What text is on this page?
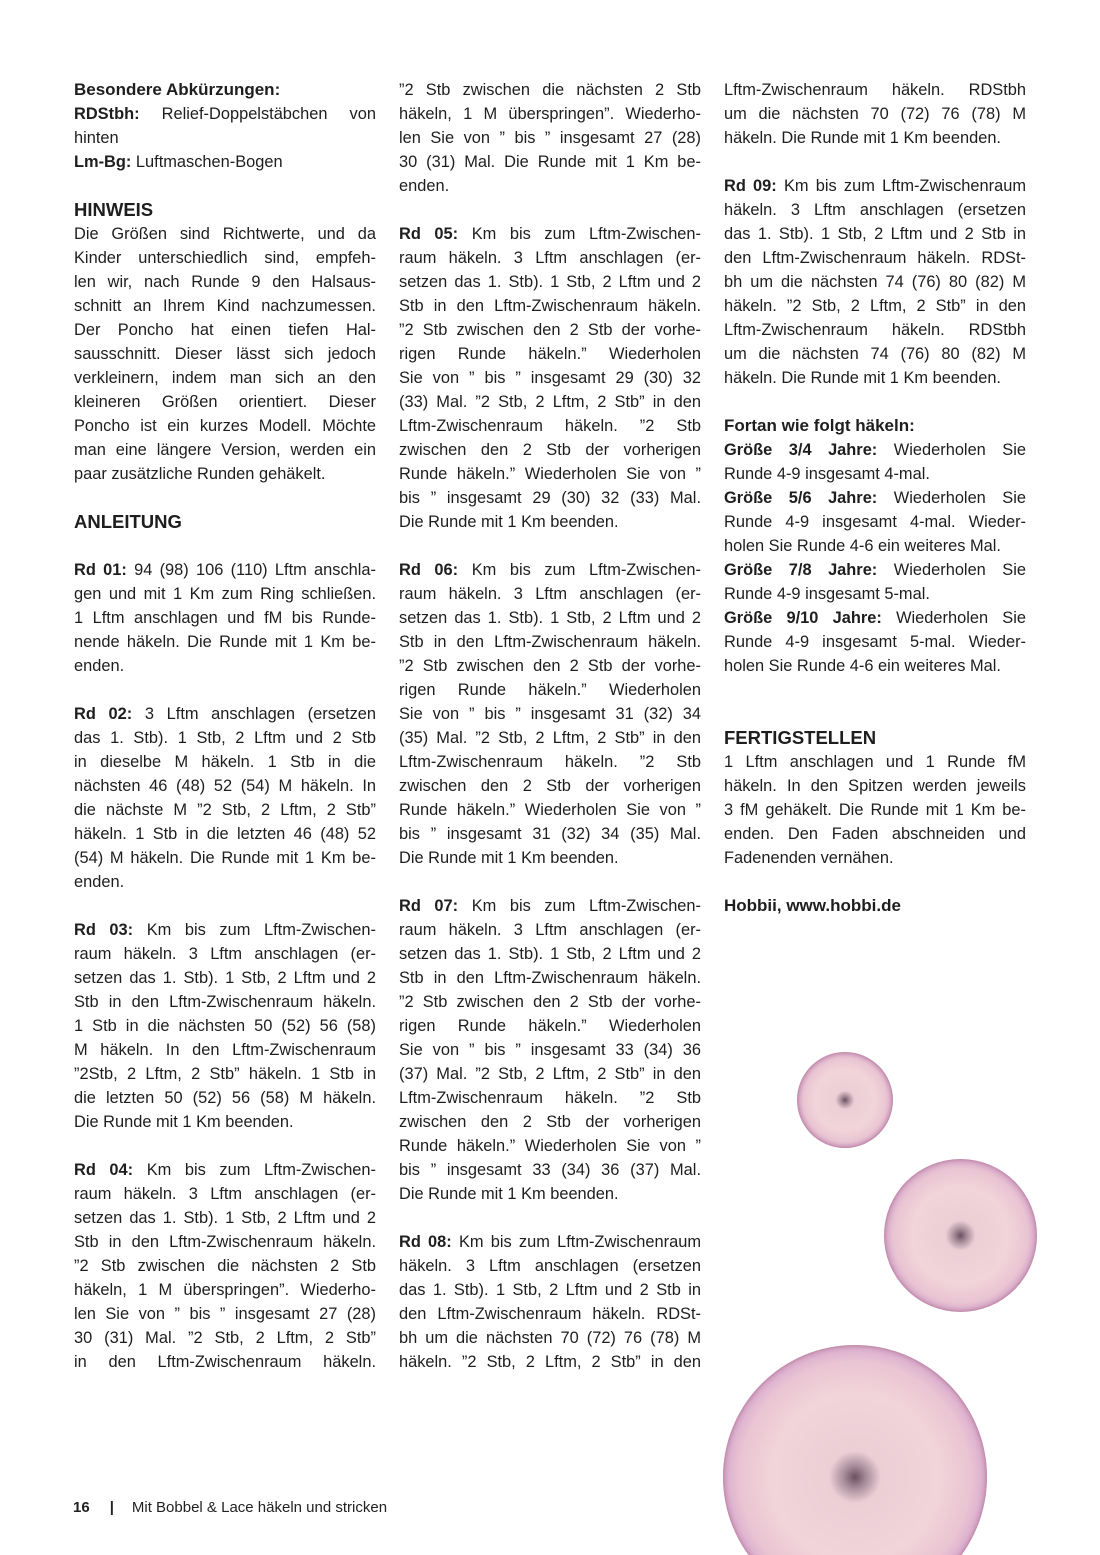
Besondere Abkürzungen:
RDStbh: Relief-Doppelstäbchen von
hinten
Lm-Bg: Luftmaschen-Bogen
HINWEIS
Die Größen sind Richtwerte, und da
Kinder unterschiedlich sind, empfeh-
len wir, nach Runde 9 den Halsaus-
schnitt an Ihrem Kind nachzumessen.
Der Poncho hat einen tiefen Hal-
sausschnitt. Dieser lässt sich jedoch
verkleinern, indem man sich an den
kleineren Größen orientiert. Dieser
Poncho ist ein kurzes Modell. Möchte
man eine längere Version, werden ein
paar zusätzliche Runden gehäkelt.
ANLEITUNG
Rd 01: 94 (98) 106 (110) Lftm anschla-
gen und mit 1 Km zum Ring schließen.
1 Lftm anschlagen und fM bis Runde-
nende häkeln. Die Runde mit 1 Km be-
enden.
Rd 02: 3 Lftm anschlagen (ersetzen
das 1. Stb). 1 Stb, 2 Lftm und 2 Stb
in dieselbe M häkeln. 1 Stb in die
nächsten 46 (48) 52 (54) M häkeln. In
die nächste M ”2 Stb, 2 Lftm, 2 Stb”
häkeln. 1 Stb in die letzten 46 (48) 52
(54) M häkeln. Die Runde mit 1 Km be-
enden.
Rd 03: Km bis zum Lftm-Zwischen-
raum häkeln. 3 Lftm anschlagen (er-
setzen das 1. Stb). 1 Stb, 2 Lftm und 2
Stb in den Lftm-Zwischenraum häkeln.
1 Stb in die nächsten 50 (52) 56 (58)
M häkeln. In den Lftm-Zwischenraum
”2Stb, 2 Lftm, 2 Stb” häkeln. 1 Stb in
die letzten 50 (52) 56 (58) M häkeln.
Die Runde mit 1 Km beenden.
Rd 04: Km bis zum Lftm-Zwischen-
raum häkeln. 3 Lftm anschlagen (er-
setzen das 1. Stb). 1 Stb, 2 Lftm und 2
Stb in den Lftm-Zwischenraum häkeln.
”2 Stb zwischen die nächsten 2 Stb
häkeln, 1 M überspringen”. Wiederho-
len Sie von ” bis ” insgesamt 27 (28)
30 (31) Mal. ”2 Stb, 2 Lftm, 2 Stb”
in den Lftm-Zwischenraum häkeln.
”2 Stb zwischen die nächsten 2 Stb
häkeln, 1 M überspringen”. Wiederho-
len Sie von ” bis ” insgesamt 27 (28)
30 (31) Mal. Die Runde mit 1 Km be-
enden.
Rd 05: Km bis zum Lftm-Zwischen-
raum häkeln. 3 Lftm anschlagen (er-
setzen das 1. Stb). 1 Stb, 2 Lftm und 2
Stb in den Lftm-Zwischenraum häkeln.
”2 Stb zwischen den 2 Stb der vorhe-
rigen Runde häkeln.” Wiederholen
Sie von ” bis ” insgesamt 29 (30) 32
(33) Mal. ”2 Stb, 2 Lftm, 2 Stb” in den
Lftm-Zwischenraum häkeln. ”2 Stb
zwischen den 2 Stb der vorherigen
Runde häkeln.” Wiederholen Sie von ”
bis ” insgesamt 29 (30) 32 (33) Mal.
Die Runde mit 1 Km beenden.
Rd 06: Km bis zum Lftm-Zwischen-
raum häkeln. 3 Lftm anschlagen (er-
setzen das 1. Stb). 1 Stb, 2 Lftm und 2
Stb in den Lftm-Zwischenraum häkeln.
”2 Stb zwischen den 2 Stb der vorhe-
rigen Runde häkeln.” Wiederholen
Sie von ” bis ” insgesamt 31 (32) 34
(35) Mal. ”2 Stb, 2 Lftm, 2 Stb” in den
Lftm-Zwischenraum häkeln. ”2 Stb
zwischen den 2 Stb der vorherigen
Runde häkeln.” Wiederholen Sie von ”
bis ” insgesamt 31 (32) 34 (35) Mal.
Die Runde mit 1 Km beenden.
Rd 07: Km bis zum Lftm-Zwischen-
raum häkeln. 3 Lftm anschlagen (er-
setzen das 1. Stb). 1 Stb, 2 Lftm und 2
Stb in den Lftm-Zwischenraum häkeln.
”2 Stb zwischen den 2 Stb der vorhe-
rigen Runde häkeln.” Wiederholen
Sie von ” bis ” insgesamt 33 (34) 36
(37) Mal. ”2 Stb, 2 Lftm, 2 Stb” in den
Lftm-Zwischenraum häkeln. ”2 Stb
zwischen den 2 Stb der vorherigen
Runde häkeln.” Wiederholen Sie von ”
bis ” insgesamt 33 (34) 36 (37) Mal.
Die Runde mit 1 Km beenden.
Rd 08: Km bis zum Lftm-Zwischenraum
häkeln. 3 Lftm anschlagen (ersetzen
das 1. Stb). 1 Stb, 2 Lftm und 2 Stb in
den Lftm-Zwischenraum häkeln. RDSt-
bh um die nächsten 70 (72) 76 (78) M
häkeln. ”2 Stb, 2 Lftm, 2 Stb” in den
Lftm-Zwischenraum häkeln. RDStbh
um die nächsten 70 (72) 76 (78) M
häkeln. Die Runde mit 1 Km beenden.
Rd 09: Km bis zum Lftm-Zwischenraum
häkeln. 3 Lftm anschlagen (ersetzen
das 1. Stb). 1 Stb, 2 Lftm und 2 Stb in
den Lftm-Zwischenraum häkeln. RDSt-
bh um die nächsten 74 (76) 80 (82) M
häkeln. ”2 Stb, 2 Lftm, 2 Stb” in den
Lftm-Zwischenraum häkeln. RDStbh
um die nächsten 74 (76) 80 (82) M
häkeln. Die Runde mit 1 Km beenden.
Fortan wie folgt häkeln:
Größe 3/4 Jahre: Wiederholen Sie
Runde 4-9 insgesamt 4-mal.
Größe 5/6 Jahre: Wiederholen Sie
Runde 4-9 insgesamt 4-mal. Wieder-
holen Sie Runde 4-6 ein weiteres Mal.
Größe 7/8 Jahre: Wiederholen Sie
Runde 4-9 insgesamt 5-mal.
Größe 9/10 Jahre: Wiederholen Sie
Runde 4-9 insgesamt 5-mal. Wieder-
holen Sie Runde 4-6 ein weiteres Mal.
FERTIGSTELLEN
1 Lftm anschlagen und 1 Runde fM
häkeln. In den Spitzen werden jeweils
3 fM gehäkelt. Die Runde mit 1 Km be-
enden. Den Faden abschneiden und
Fadenenden vernähen.
Hobbii, www.hobbi.de
16 | Mit Bobbel & Lace häkeln und stricken
